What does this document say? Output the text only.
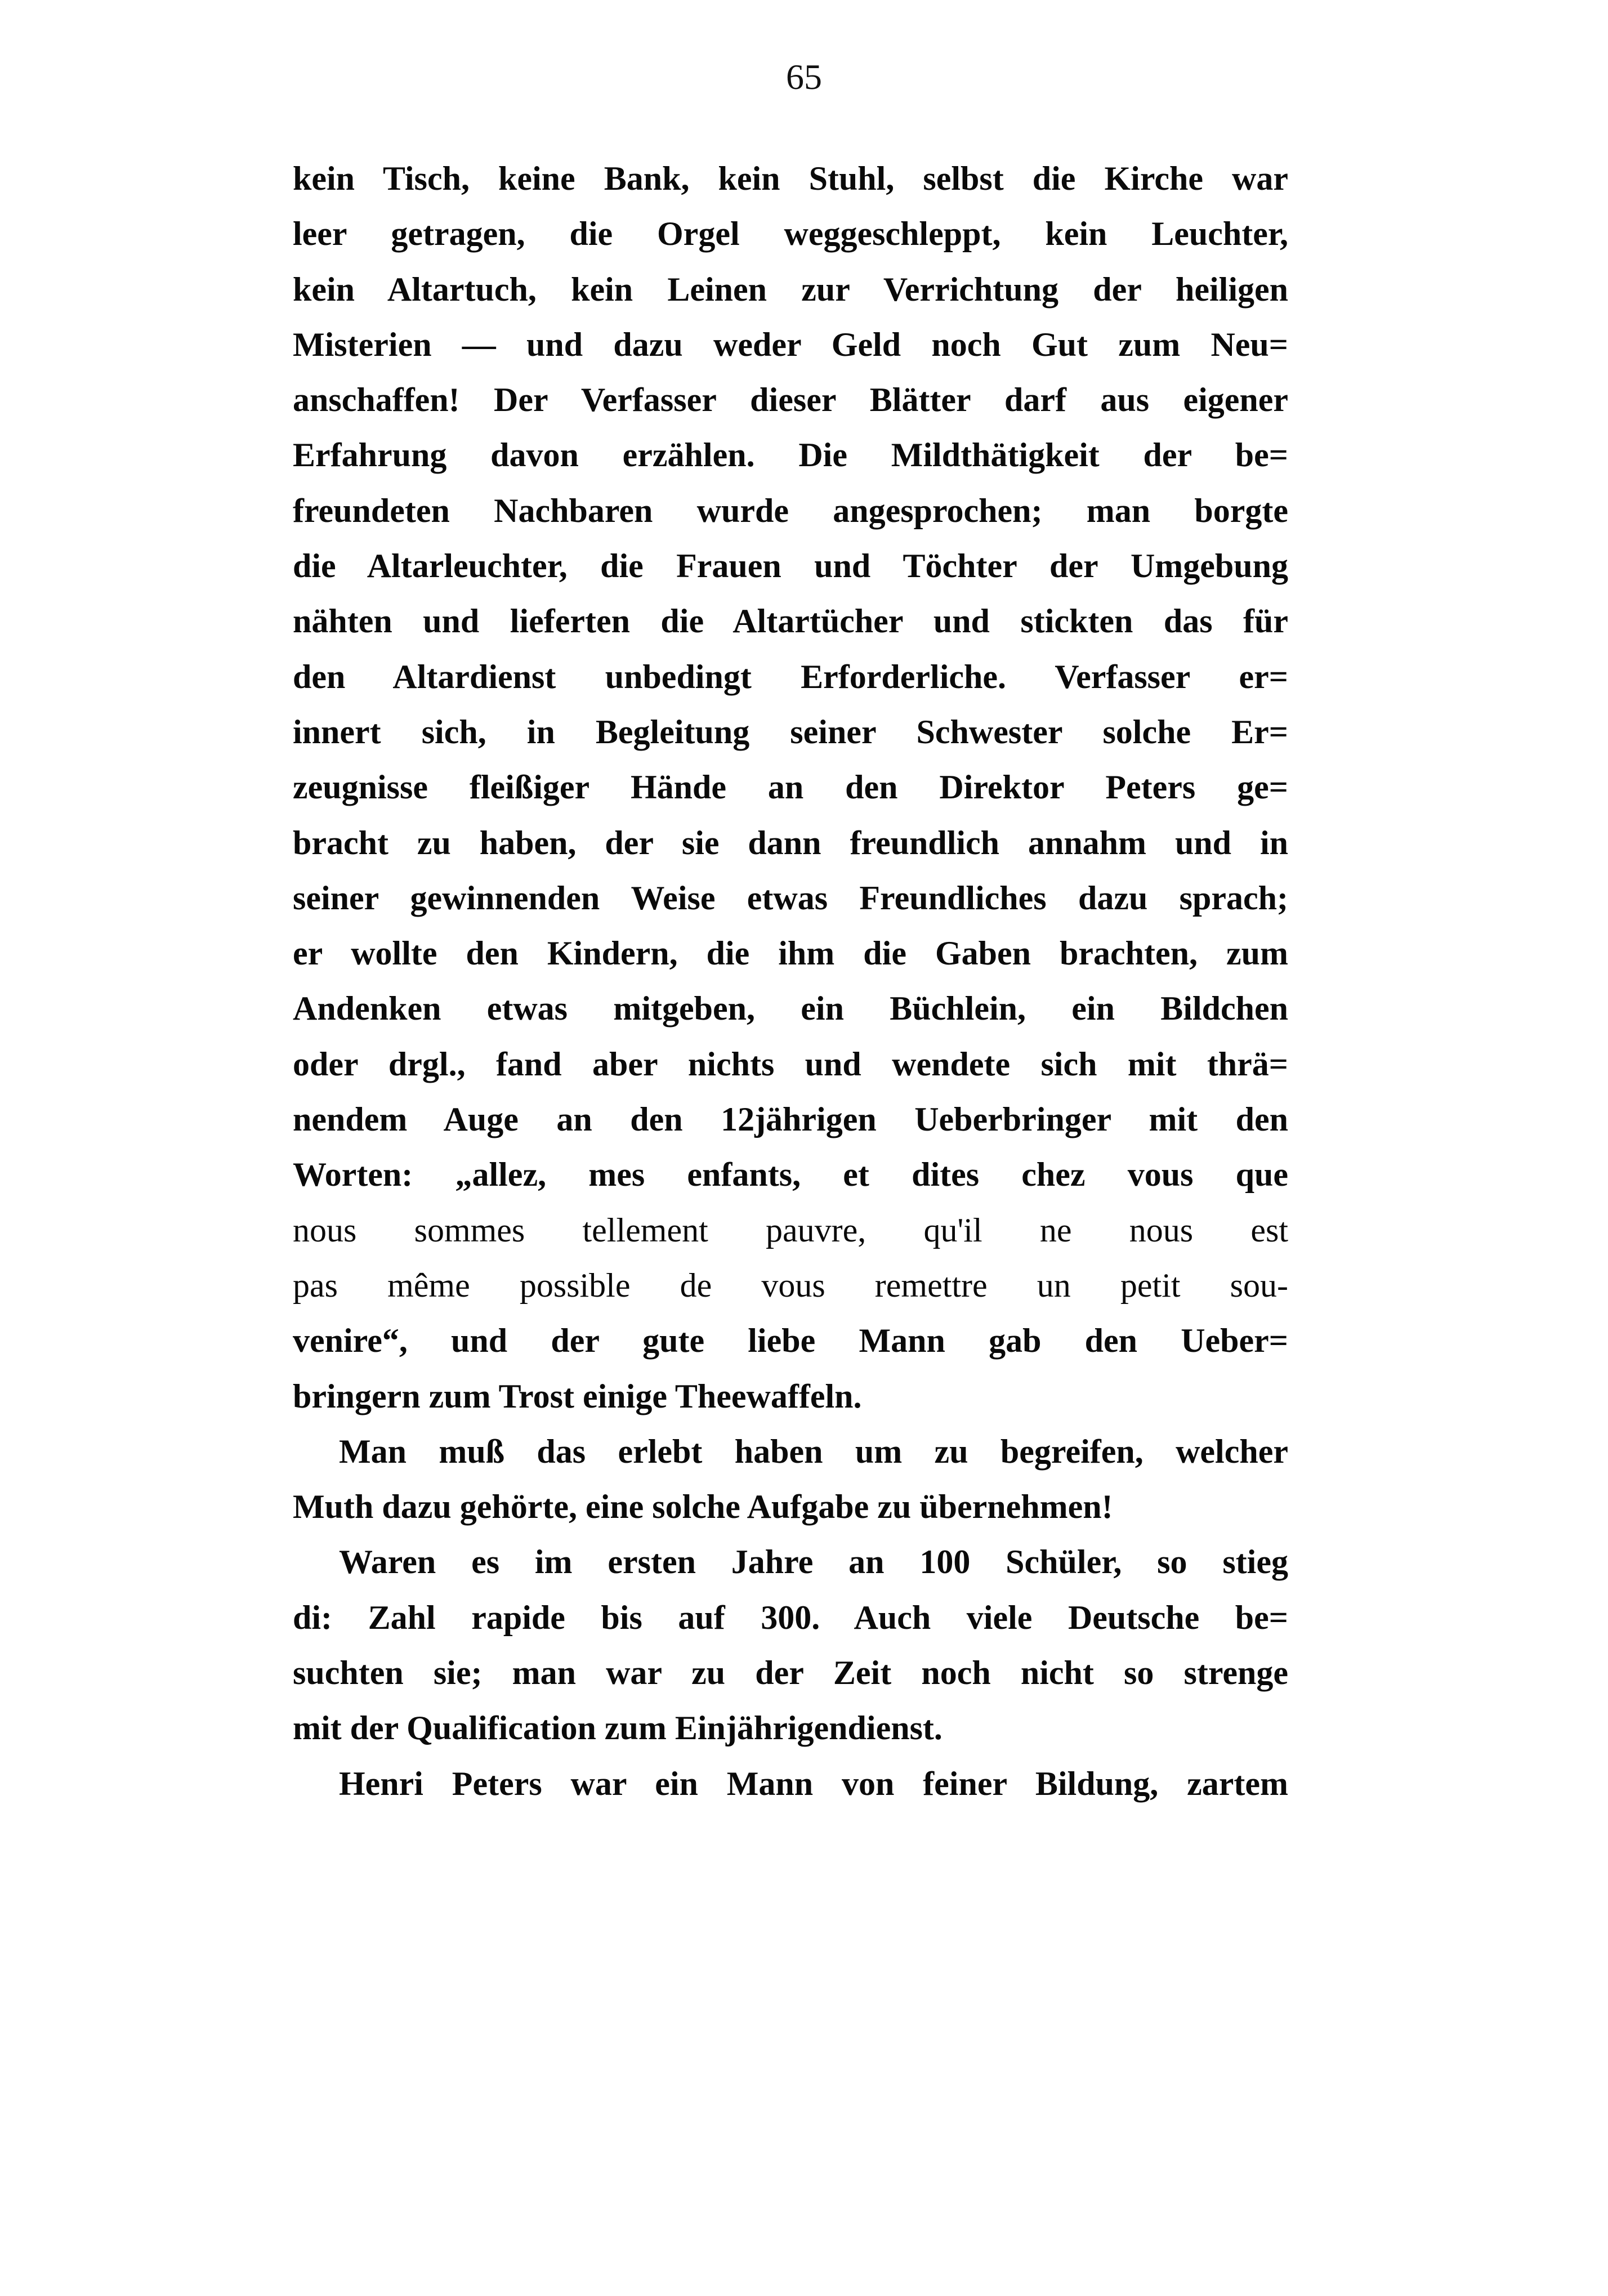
65
kein Tisch, keine Bank, kein Stuhl, selbst die Kirche war
leer getragen, die Orgel weggeschleppt, kein Leuchter,
kein Altartuch, kein Leinen zur Verrichtung der heiligen
Misterien — und dazu weder Geld noch Gut zum Neu=
anschaffen! Der Verfasser dieser Blätter darf aus eigener
Erfahrung davon erzählen. Die Mildthätigkeit der be=
freundeten Nachbaren wurde angesprochen; man borgte
die Altarleuchter, die Frauen und Töchter der Umgebung
nähten und lieferten die Altartücher und stickten das für
den Altardienst unbedingt Erforderliche. Verfasser er=
innert sich, in Begleitung seiner Schwester solche Er=
zeugnisse fleißiger Hände an den Direktor Peters ge=
bracht zu haben, der sie dann freundlich annahm und in
seiner gewinnenden Weise etwas Freundliches dazu sprach;
er wollte den Kindern, die ihm die Gaben brachten, zum
Andenken etwas mitgeben, ein Büchlein, ein Bildchen
oder drgl., fand aber nichts und wendete sich mit thrä=
nendem Auge an den 12jährigen Ueberbringer mit den
Worten: „allez, mes enfants, et dites chez vous que
nous sommes tellement pauvre, qu'il ne nous est
pas même possible de vous remettre un petit sou-
venire“, und der gute liebe Mann gab den Ueber=
bringern zum Trost einige Theewaffeln.
Man muß das erlebt haben um zu begreifen, welcher
Muth dazu gehörte, eine solche Aufgabe zu übernehmen!
Waren es im ersten Jahre an 100 Schüler, so stieg
di: Zahl rapide bis auf 300. Auch viele Deutsche be=
suchten sie; man war zu der Zeit noch nicht so strenge
mit der Qualification zum Einjährigendienst.
Henri Peters war ein Mann von feiner Bildung, zartem
